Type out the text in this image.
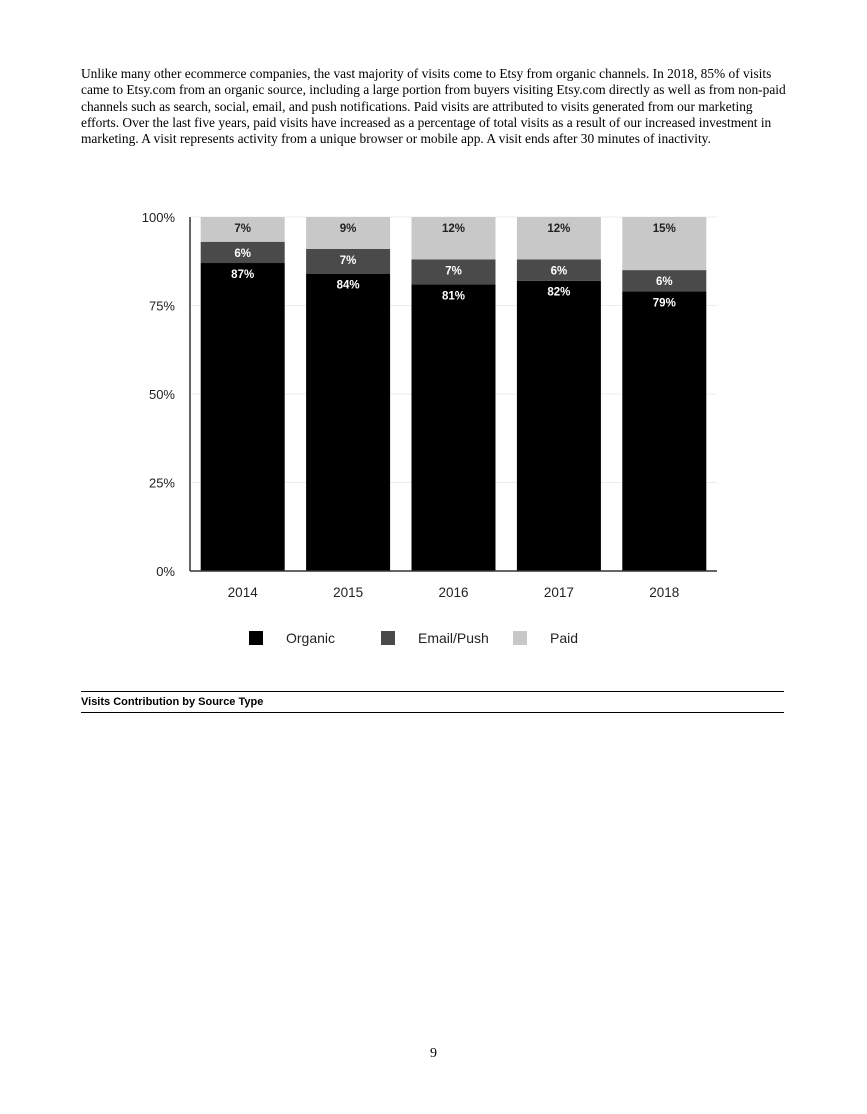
Unlike many other ecommerce companies, the vast majority of visits come to Etsy from organic channels. In 2018, 85% of visits came to Etsy.com from an organic source, including a large portion from buyers visiting Etsy.com directly as well as from non-paid channels such as search, social, email, and push notifications. Paid visits are attributed to visits generated from our marketing efforts. Over the last five years, paid visits have increased as a percentage of total visits as a result of our increased investment in marketing. A visit represents activity from a unique browser or mobile app. A visit ends after 30 minutes of inactivity.

0%
25%
50%
75%
100%
2014	2015	2016	2017	2018
87%
6%
7%
84%
7%
9%
81%
7%
12%
82%
6%
12%
79%
6%
15%
Organic	Email/Push	Paid
Visits Contribution by Source Type
9
